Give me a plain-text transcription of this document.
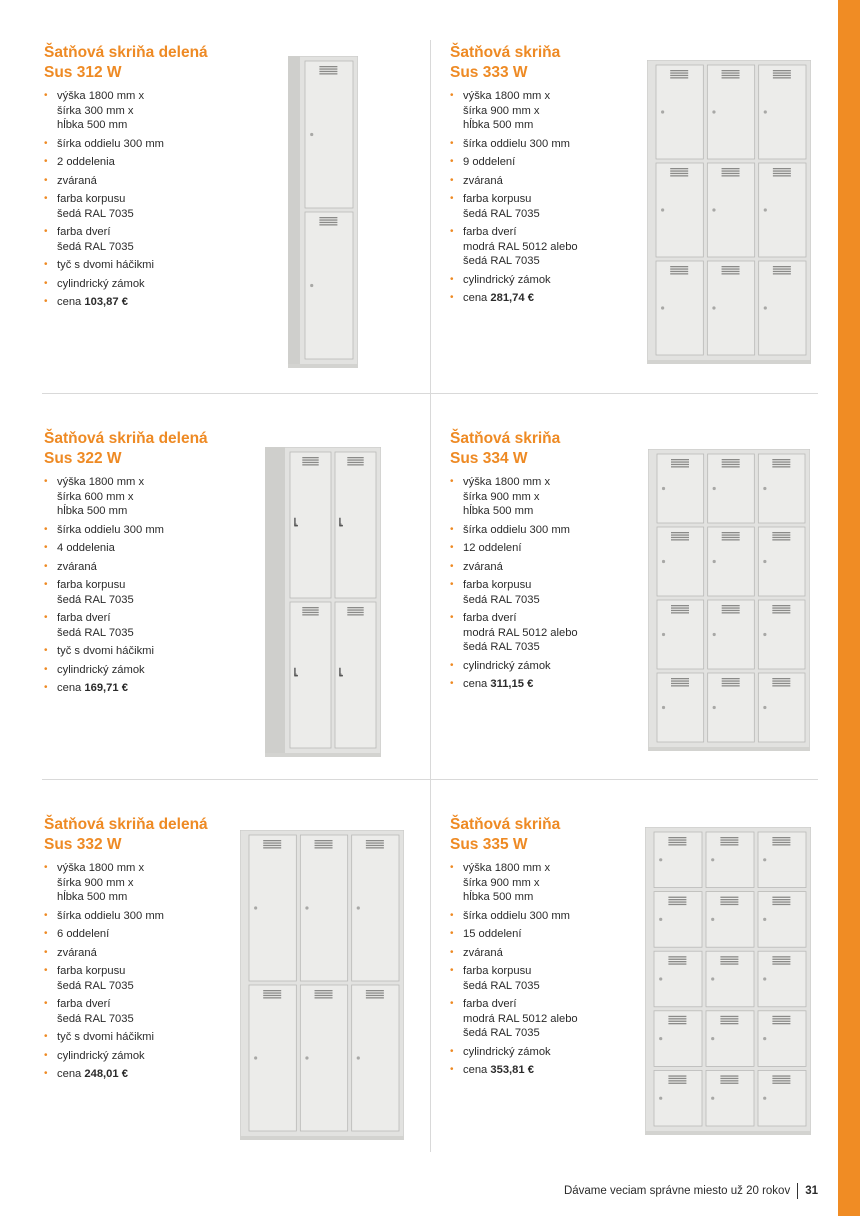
Šatňová skriňa delená
Sus 312 W
• výška 1800 mm x
šírka 300 mm x
hĺbka 500 mm
• šírka oddielu 300 mm
• 2 oddelenia
• zváraná
• farba korpusu
šedá RAL 7035
• farba dverí
šedá RAL 7035
• tyč s dvomi háčikmi
• cylindrický zámok
• cena 103,87 €
Šatňová skriňa
Sus 333 W
• výška 1800 mm x
šírka 900 mm x
hĺbka 500 mm
• šírka oddielu 300 mm
• 9 oddelení
• zváraná
• farba korpusu
šedá RAL 7035
• farba dverí
modrá RAL 5012 alebo
šedá RAL 7035
• cylindrický zámok
• cena 281,74 €
Šatňová skriňa delená
Sus 322 W
• výška 1800 mm x
šírka 600 mm x
hĺbka 500 mm
• šírka oddielu 300 mm
• 4 oddelenia
• zváraná
• farba korpusu
šedá RAL 7035
• farba dverí
šedá RAL 7035
• tyč s dvomi háčikmi
• cylindrický zámok
• cena 169,71 €
Šatňová skriňa
Sus 334 W
• výška 1800 mm x
šírka 900 mm x
hĺbka 500 mm
• šírka oddielu 300 mm
• 12 oddelení
• zváraná
• farba korpusu
šedá RAL 7035
• farba dverí
modrá RAL 5012 alebo
šedá RAL 7035
• cylindrický zámok
• cena 311,15 €
Šatňová skriňa delená
Sus 332 W
• výška 1800 mm x
šírka 900 mm x
hĺbka 500 mm
• šírka oddielu 300 mm
• 6 oddelení
• zváraná
• farba korpusu
šedá RAL 7035
• farba dverí
šedá RAL 7035
• tyč s dvomi háčikmi
• cylindrický zámok
• cena 248,01 €
Šatňová skriňa
Sus 335 W
• výška 1800 mm x
šírka 900 mm x
hĺbka 500 mm
• šírka oddielu 300 mm
• 15 oddelení
• zváraná
• farba korpusu
šedá RAL 7035
• farba dverí
modrá RAL 5012 alebo
šedá RAL 7035
• cylindrický zámok
• cena 353,81 €
Dávame veciam správne miesto už 20 rokov 31
